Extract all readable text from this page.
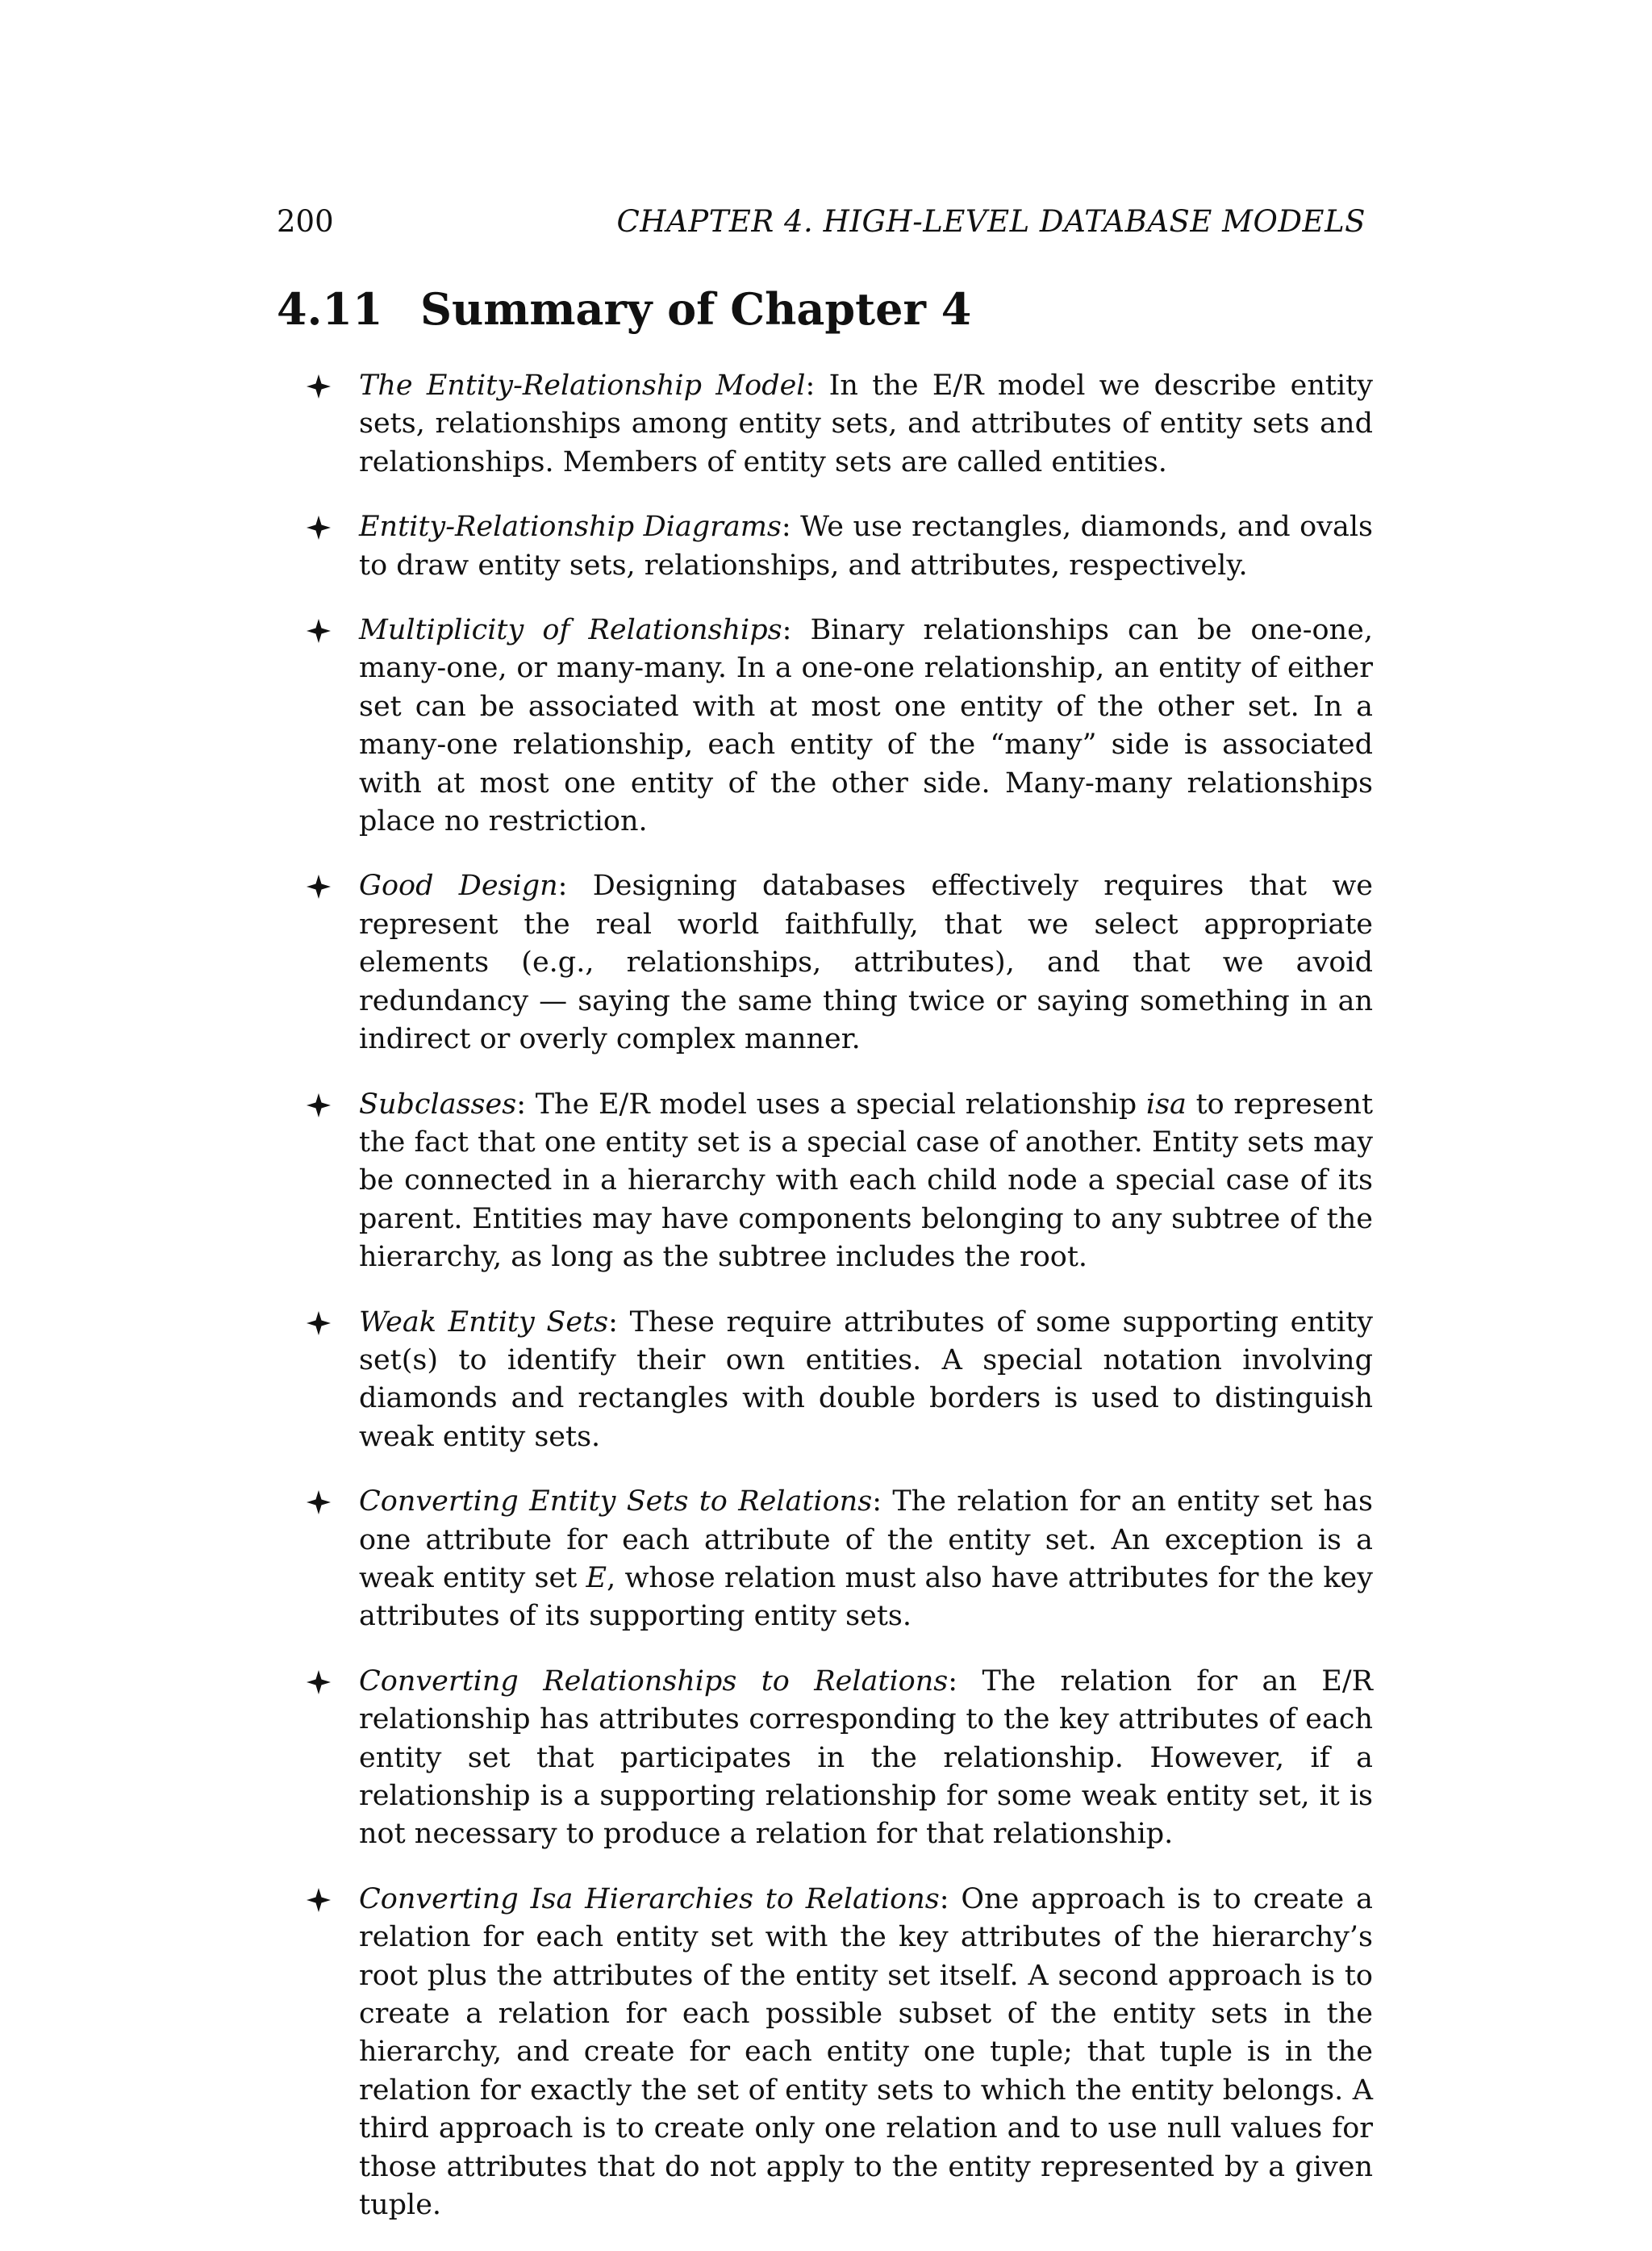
200	CHAPTER 4. HIGH-LEVEL DATABASE MODELS
4.11 Summary of Chapter 4
The Entity-Relationship Model: In the E/R model we describe entity sets, relationships among entity sets, and attributes of entity sets and relationships. Members of entity sets are called entities.
Entity-Relationship Diagrams: We use rectangles, diamonds, and ovals to draw entity sets, relationships, and attributes, respectively.
Multiplicity of Relationships: Binary relationships can be one-one, many-one, or many-many. In a one-one relationship, an entity of either set can be associated with at most one entity of the other set. In a many-one relationship, each entity of the “many” side is associated with at most one entity of the other side. Many-many relationships place no restriction.
Good Design: Designing databases effectively requires that we represent the real world faithfully, that we select appropriate elements (e.g., relationships, attributes), and that we avoid redundancy — saying the same thing twice or saying something in an indirect or overly complex manner.
Subclasses: The E/R model uses a special relationship isa to represent the fact that one entity set is a special case of another. Entity sets may be connected in a hierarchy with each child node a special case of its parent. Entities may have components belonging to any subtree of the hierarchy, as long as the subtree includes the root.
Weak Entity Sets: These require attributes of some supporting entity set(s) to identify their own entities. A special notation involving diamonds and rectangles with double borders is used to distinguish weak entity sets.
Converting Entity Sets to Relations: The relation for an entity set has one attribute for each attribute of the entity set. An exception is a weak entity set E, whose relation must also have attributes for the key attributes of its supporting entity sets.
Converting Relationships to Relations: The relation for an E/R relationship has attributes corresponding to the key attributes of each entity set that participates in the relationship. However, if a relationship is a supporting relationship for some weak entity set, it is not necessary to produce a relation for that relationship.
Converting Isa Hierarchies to Relations: One approach is to create a relation for each entity set with the key attributes of the hierarchy’s root plus the attributes of the entity set itself. A second approach is to create a relation for each possible subset of the entity sets in the hierarchy, and create for each entity one tuple; that tuple is in the relation for exactly the set of entity sets to which the entity belongs. A third approach is to create only one relation and to use null values for those attributes that do not apply to the entity represented by a given tuple.
